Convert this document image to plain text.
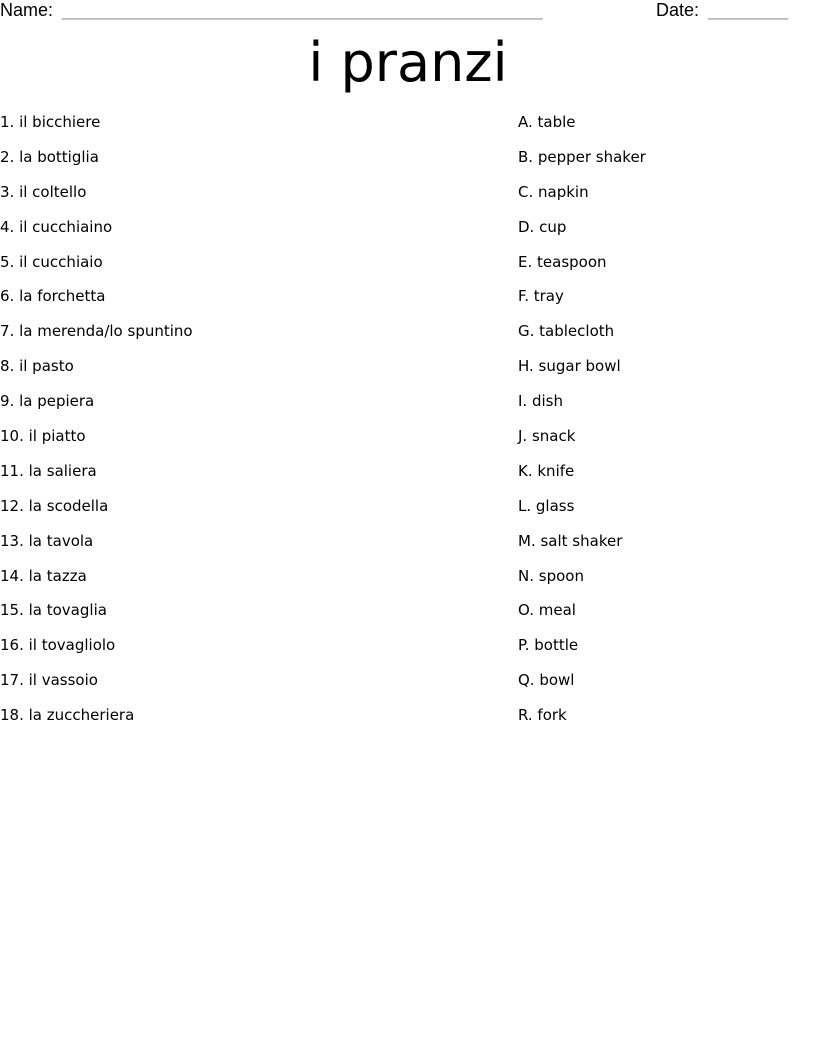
Name: ________________________________________________	Date: ________
i pranzi
1. il bicchiere
2. la bottiglia
3. il coltello
4. il cucchiaino
5. il cucchiaio
6. la forchetta
7. la merenda/lo spuntino
8. il pasto
9. la pepiera
10. il piatto
11. la saliera
12. la scodella
13. la tavola
14. la tazza
15. la tovaglia
16. il tovagliolo
17. il vassoio
18. la zuccheriera
A. table
B. pepper shaker
C. napkin
D. cup
E. teaspoon
F. tray
G. tablecloth
H. sugar bowl
I. dish
J. snack
K. knife
L. glass
M. salt shaker
N. spoon
O. meal
P. bottle
Q. bowl
R. fork
